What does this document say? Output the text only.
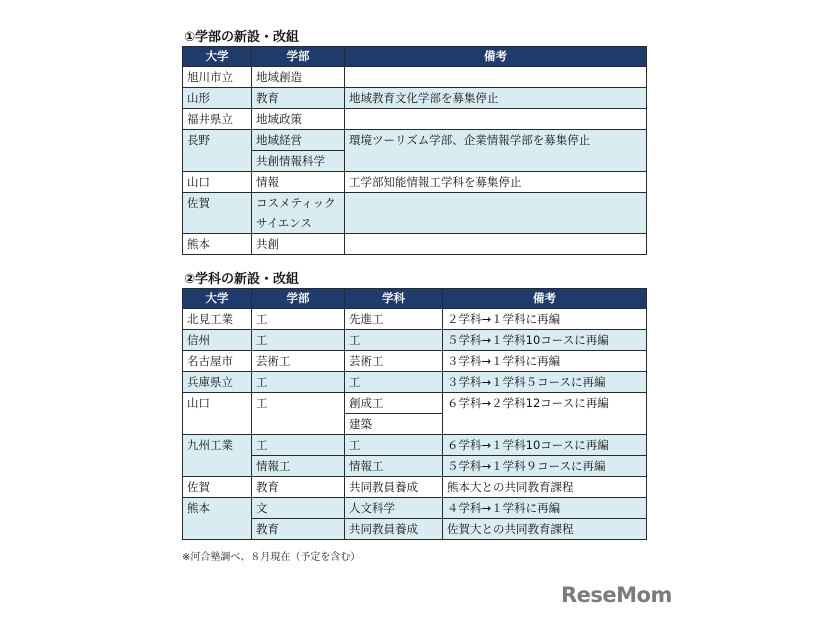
①学部の新設・改組
大学	学部	備考
旭川市立	地域創造	
山形	教育	地域教育文化学部を募集停止
福井県立	地域政策	
長野	地域経営	環境ツーリズム学部、企業情報学部を募集停止
	共創情報科学	
山口	情報	工学部知能情報工学科を募集停止
佐賀	コスメティック	
	サイエンス	
熊本	共創	
②学科の新設・改組
大学	学部	学科	備考
北見工業	工	先進工	２学科→１学科に再編
信州	工	工	５学科→１学科10コースに再編
名古屋市	芸術工	芸術工	３学科→１学科に再編
兵庫県立	工	工	３学科→１学科５コースに再編
山口	工	創成工	６学科→２学科12コースに再編
		建築	
九州工業	工	工	６学科→１学科10コースに再編
	情報工	情報工	５学科→１学科９コースに再編
佐賀	教育	共同教員養成	熊本大との共同教育課程
熊本	文	人文科学	４学科→１学科に再編
	教育	共同教員養成	佐賀大との共同教育課程
※河合塾調べ、８月現在（予定を含む）
ReseMom
